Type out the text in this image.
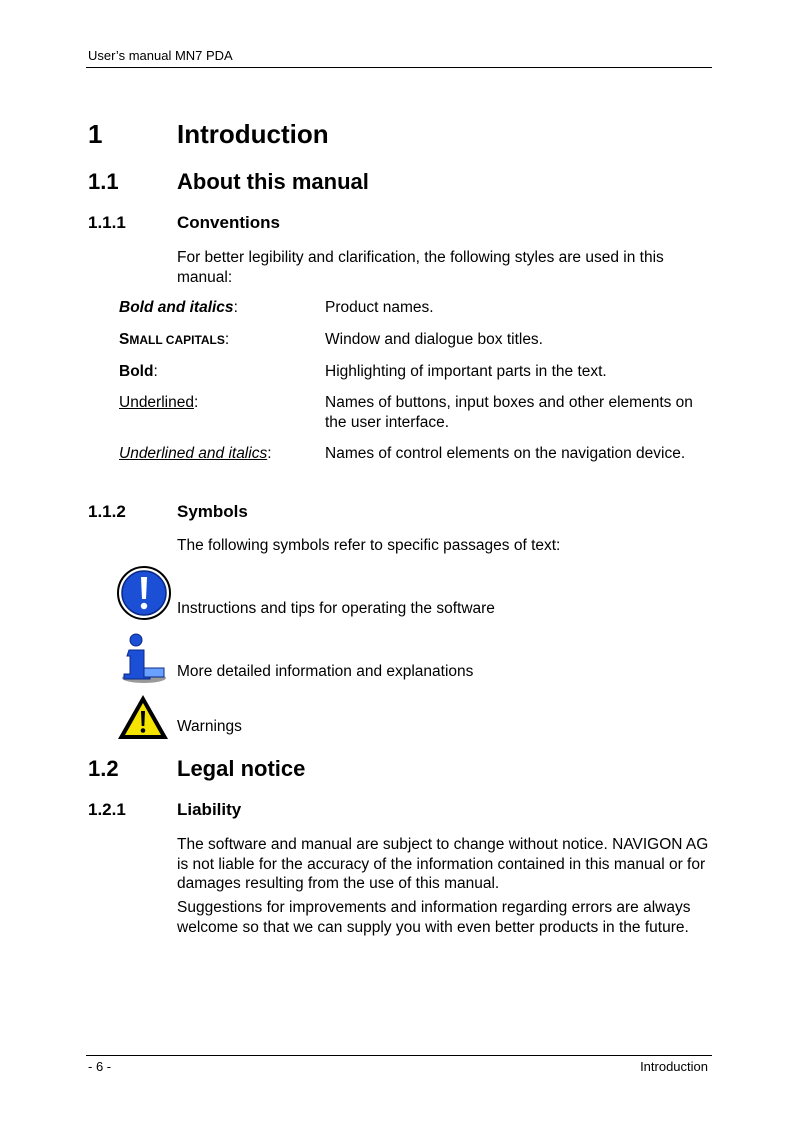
User’s manual MN7 PDA
1	Introduction
1.1	About this manual
1.1.1	Conventions
For better legibility and clarification, the following styles are used in this manual:
Bold and italics:	Product names.
SMALL CAPITALS:	Window and dialogue box titles.
Bold:	Highlighting of important parts in the text.
Underlined:	Names of buttons, input boxes and other elements on the user interface.
Underlined and italics:	Names of control elements on the navigation device.
1.1.2	Symbols
The following symbols refer to specific passages of text:
Instructions and tips for operating the software
More detailed information and explanations
Warnings
1.2	Legal notice
1.2.1	Liability
The software and manual are subject to change without notice. NAVIGON AG is not liable for the accuracy of the information contained in this manual or for damages resulting from the use of this manual.
Suggestions for improvements and information regarding errors are always welcome so that we can supply you with even better products in the future.
- 6 -	Introduction
